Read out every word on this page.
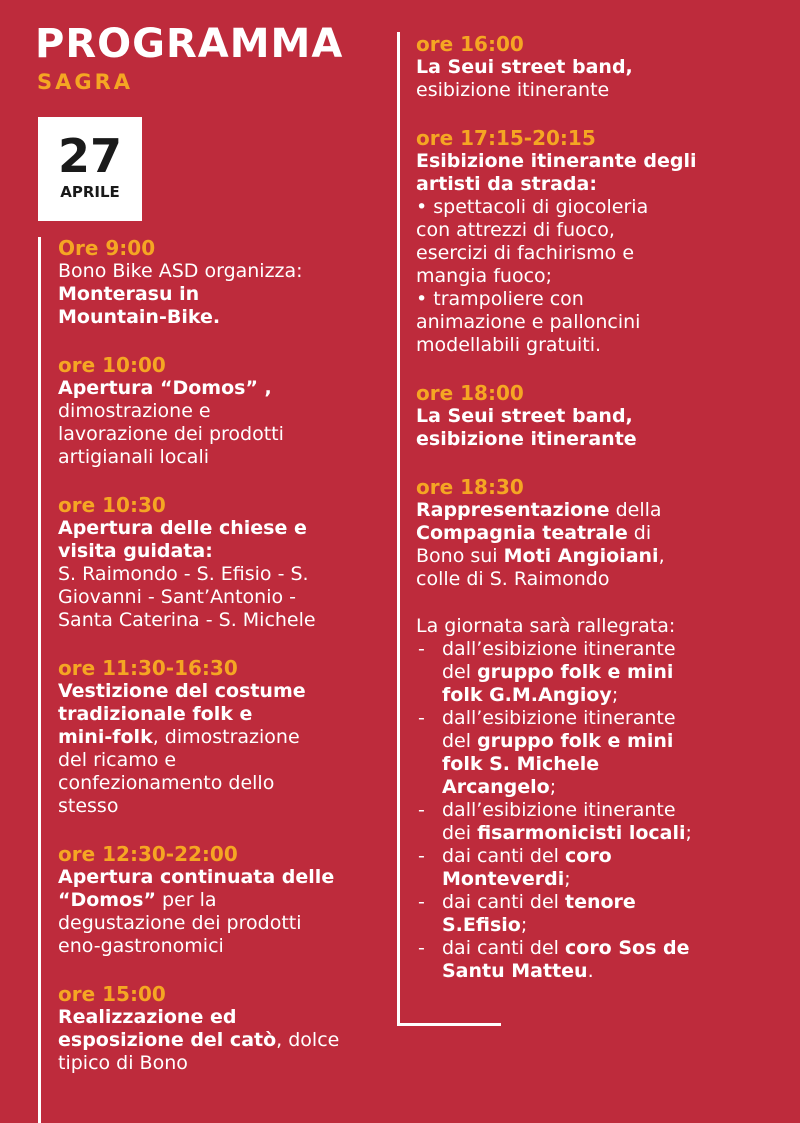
PROGRAMMA
SAGRA
27
APRILE
Ore 9:00
Bono Bike ASD organizza:
Monterasu in
Mountain-Bike.
ore 10:00
Apertura “Domos” ,
dimostrazione e
lavorazione dei prodotti
artigianali locali
ore 10:30
Apertura delle chiese e
visita guidata:
S. Raimondo - S. Efisio - S.
Giovanni - Sant’Antonio -
Santa Caterina - S. Michele
ore 11:30-16:30
Vestizione del costume
tradizionale folk e
mini-folk, dimostrazione
del ricamo e
confezionamento dello
stesso
ore 12:30-22:00
Apertura continuata delle
“Domos” per la
degustazione dei prodotti
eno-gastronomici
ore 15:00
Realizzazione ed
esposizione del catò, dolce
tipico di Bono
ore 16:00
La Seui street band,
esibizione itinerante
ore 17:15-20:15
Esibizione itinerante degli
artisti da strada:
• spettacoli di giocoleria
con attrezzi di fuoco,
esercizi di fachirismo e
mangia fuoco;
• trampoliere con
animazione e palloncini
modellabili gratuiti.
ore 18:00
La Seui street band,
esibizione itinerante
ore 18:30
Rappresentazione della
Compagnia teatrale di
Bono sui Moti Angioiani,
colle di S. Raimondo
La giornata sarà rallegrata:
- dall’esibizione itinerante
del gruppo folk e mini
folk G.M.Angioy;
- dall’esibizione itinerante
del gruppo folk e mini
folk S. Michele
Arcangelo;
- dall’esibizione itinerante
dei fisarmonicisti locali;
- dai canti del coro
Monteverdi;
- dai canti del tenore
S.Efisio;
- dai canti del coro Sos de
Santu Matteu.
